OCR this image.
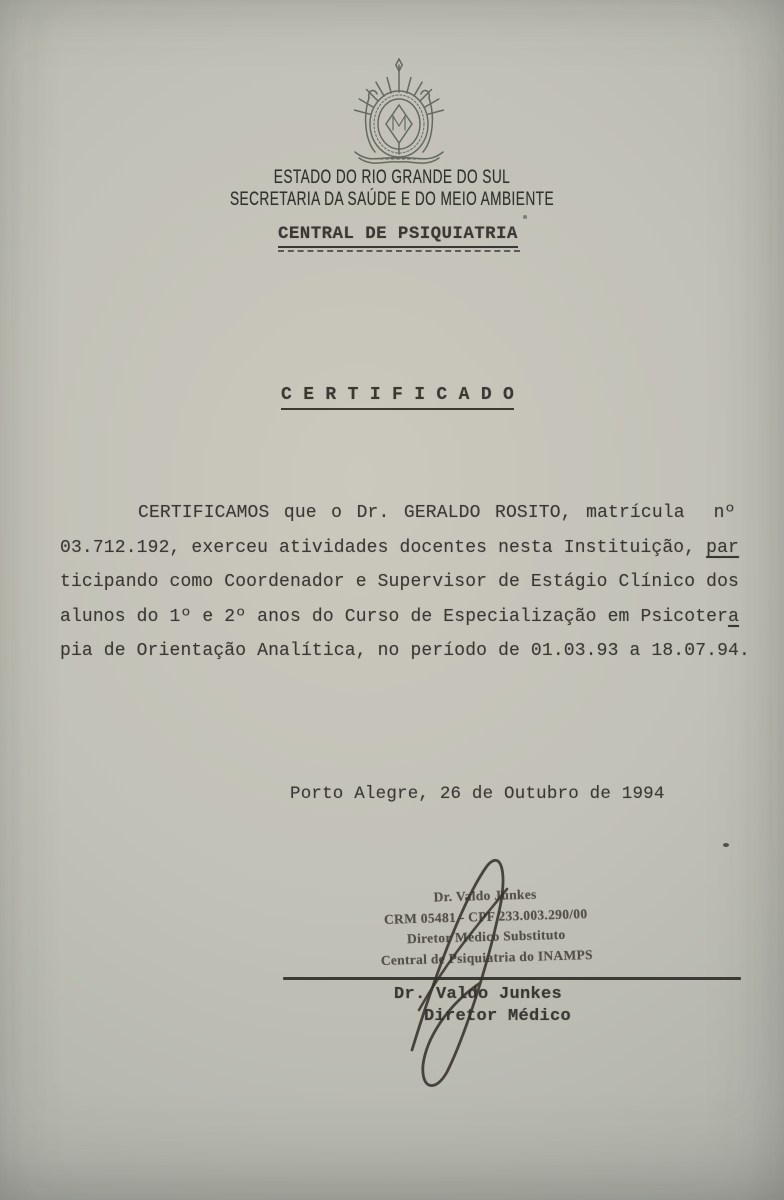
ESTADO DO RIO GRANDE DO SUL
SECRETARIA DA SAÚDE E DO MEIO AMBIENTE
CENTRAL DE PSIQUIATRIA
C E R T I F I C A D O
CERTIFICAMOS que o Dr. GERALDO ROSITO, matrícula  nº
03.712.192, exerceu atividades docentes nesta Instituição, par
ticipando como Coordenador e Supervisor de Estágio Clínico dos
alunos do 1º e 2º anos do Curso de Especialização em Psicotera
pia de Orientação Analítica, no período de 01.03.93 a 18.07.94.
Porto Alegre, 26 de Outubro de 1994
Dr. Valdo Junkes
CRM 05481 - CPF 233.003.290/00
Diretor Médico Substituto
Central de Psiquiatria do INAMPS
Dr. Valdo Junkes
Diretor Médico
